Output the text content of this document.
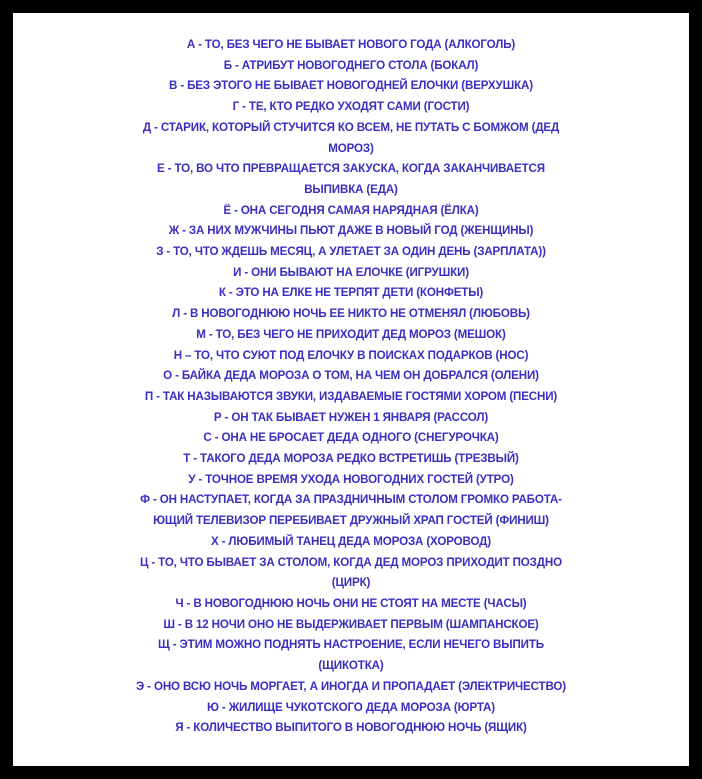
А - ТО, БЕЗ ЧЕГО НЕ БЫВАЕТ НОВОГО ГОДА (АЛКОГОЛЬ)
Б - АТРИБУТ НОВОГОДНЕГО СТОЛА (БОКАЛ)
В - БЕЗ ЭТОГО НЕ БЫВАЕТ НОВОГОДНЕЙ ЕЛОЧКИ (ВЕРХУШКА)
Г - ТЕ, КТО РЕДКО УХОДЯТ САМИ (ГОСТИ)
Д - СТАРИК, КОТОРЫЙ СТУЧИТСЯ КО ВСЕМ, НЕ ПУТАТЬ С БОМЖОМ (ДЕД
МОРОЗ)
Е - ТО, ВО ЧТО ПРЕВРАЩАЕТСЯ ЗАКУСКА, КОГДА ЗАКАНЧИВАЕТСЯ
ВЫПИВКА (ЕДА)
Ё - ОНА СЕГОДНЯ САМАЯ НАРЯДНАЯ (ЁЛКА)
Ж - ЗА НИХ МУЖЧИНЫ ПЬЮТ ДАЖЕ В НОВЫЙ ГОД (ЖЕНЩИНЫ)
З - ТО, ЧТО ЖДЕШЬ МЕСЯЦ, А УЛЕТАЕТ ЗА ОДИН ДЕНЬ (ЗАРПЛАТА))
И - ОНИ БЫВАЮТ НА ЕЛОЧКЕ (ИГРУШКИ)
К - ЭТО НА ЕЛКЕ НЕ ТЕРПЯТ ДЕТИ (КОНФЕТЫ)
Л - В НОВОГОДНЮЮ НОЧЬ ЕЕ НИКТО НЕ ОТМЕНЯЛ (ЛЮБОВЬ)
М - ТО, БЕЗ ЧЕГО НЕ ПРИХОДИТ ДЕД МОРОЗ (МЕШОК)
Н – ТО, ЧТО СУЮТ ПОД ЕЛОЧКУ В ПОИСКАХ ПОДАРКОВ (НОС)
О - БАЙКА ДЕДА МОРОЗА О ТОМ, НА ЧЕМ ОН ДОБРАЛСЯ (ОЛЕНИ)
П - ТАК НАЗЫВАЮТСЯ ЗВУКИ, ИЗДАВАЕМЫЕ ГОСТЯМИ ХОРОМ (ПЕСНИ)
Р - ОН ТАК БЫВАЕТ НУЖЕН 1 ЯНВАРЯ (РАССОЛ)
С - ОНА НЕ БРОСАЕТ ДЕДА ОДНОГО (СНЕГУРОЧКА)
Т - ТАКОГО ДЕДА МОРОЗА РЕДКО ВСТРЕТИШЬ (ТРЕЗВЫЙ)
У - ТОЧНОЕ ВРЕМЯ УХОДА НОВОГОДНИХ ГОСТЕЙ (УТРО)
Ф - ОН НАСТУПАЕТ, КОГДА ЗА ПРАЗДНИЧНЫМ СТОЛОМ ГРОМКО РАБОТА-
ЮЩИЙ ТЕЛЕВИЗОР ПЕРЕБИВАЕТ ДРУЖНЫЙ ХРАП ГОСТЕЙ (ФИНИШ)
Х - ЛЮБИМЫЙ ТАНЕЦ ДЕДА МОРОЗА (ХОРОВОД)
Ц - ТО, ЧТО БЫВАЕТ ЗА СТОЛОМ, КОГДА ДЕД МОРОЗ ПРИХОДИТ ПОЗДНО
(ЦИРК)
Ч - В НОВОГОДНЮЮ НОЧЬ ОНИ НЕ СТОЯТ НА МЕСТЕ (ЧАСЫ)
Ш - В 12 НОЧИ ОНО НЕ ВЫДЕРЖИВАЕТ ПЕРВЫМ (ШАМПАНСКОЕ)
Щ - ЭТИМ МОЖНО ПОДНЯТЬ НАСТРОЕНИЕ, ЕСЛИ НЕЧЕГО ВЫПИТЬ
(ЩИКОТКА)
Э - ОНО ВСЮ НОЧЬ МОРГАЕТ, А ИНОГДА И ПРОПАДАЕТ (ЭЛЕКТРИЧЕСТВО)
Ю - ЖИЛИЩЕ ЧУКОТСКОГО ДЕДА МОРОЗА (ЮРТА)
Я - КОЛИЧЕСТВО ВЫПИТОГО В НОВОГОДНЮЮ НОЧЬ (ЯЩИК)
